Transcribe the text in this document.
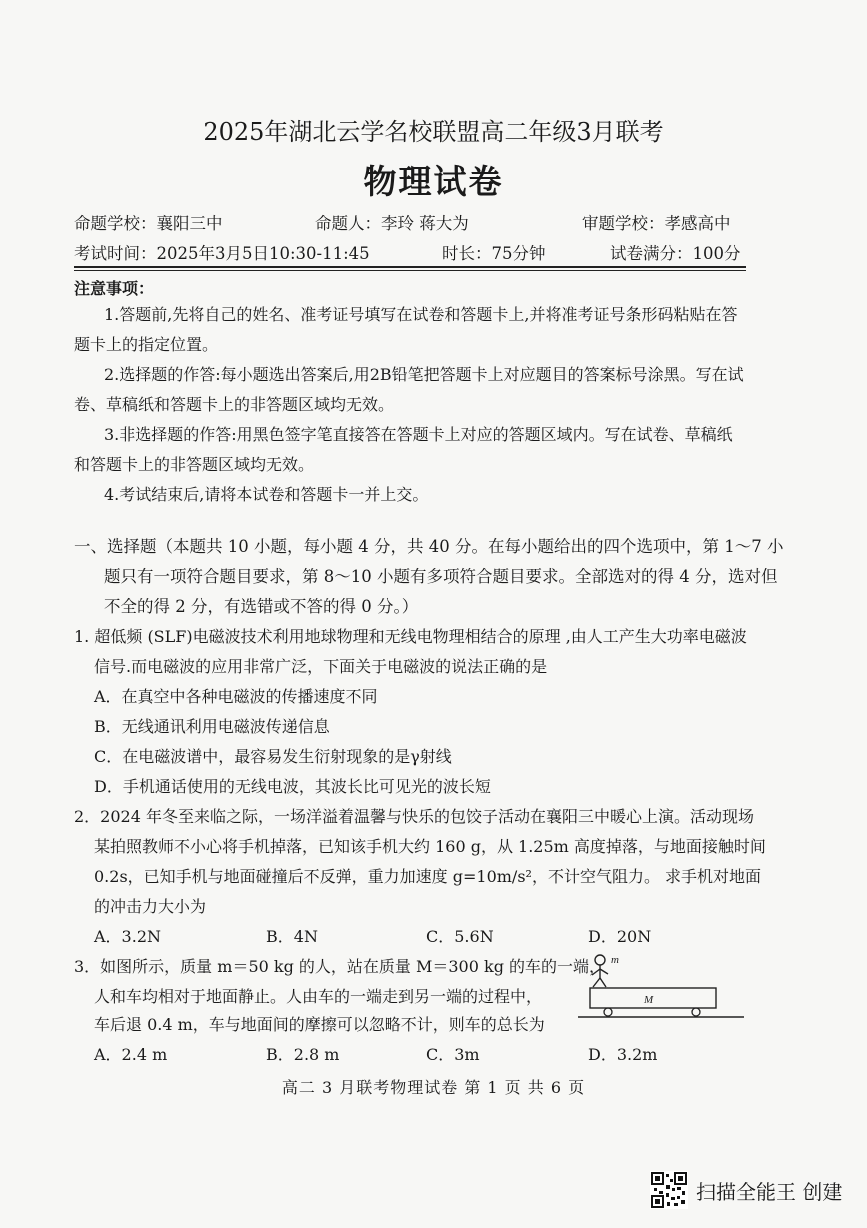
2025年湖北云学名校联盟高二年级3月联考
物理试卷
命题学校：襄阳三中	命题人：李玲 蒋大为	审题学校：孝感高中
考试时间：2025年3月5日10:30-11:45	时长：75分钟	试卷满分：100分
注意事项：
1.答题前,先将自己的姓名、准考证号填写在试卷和答题卡上,并将准考证号条形码粘贴在答
题卡上的指定位置。
2.选择题的作答:每小题选出答案后,用2B铅笔把答题卡上对应题目的答案标号涂黑。写在试
卷、草稿纸和答题卡上的非答题区域均无效。
3.非选择题的作答:用黑色签字笔直接答在答题卡上对应的答题区域内。写在试卷、草稿纸
和答题卡上的非答题区域均无效。
4.考试结束后,请将本试卷和答题卡一并上交。
一、选择题（本题共 10 小题，每小题 4 分，共 40 分。在每小题给出的四个选项中，第 1～7 小
题只有一项符合题目要求，第 8～10 小题有多项符合题目要求。全部选对的得 4 分，选对但
不全的得 2 分，有选错或不答的得 0 分。）
1. 超低频 (SLF)电磁波技术利用地球物理和无线电物理相结合的原理 ,由人工产生大功率电磁波
信号.而电磁波的应用非常广泛，下面关于电磁波的说法正确的是
A．在真空中各种电磁波的传播速度不同
B．无线通讯利用电磁波传递信息
C．在电磁波谱中，最容易发生衍射现象的是γ射线
D．手机通话使用的无线电波，其波长比可见光的波长短
2．2024 年冬至来临之际，一场洋溢着温馨与快乐的包饺子活动在襄阳三中暖心上演。活动现场
某拍照教师不小心将手机掉落，已知该手机大约 160 g，从 1.25m 高度掉落，与地面接触时间
0.2s，已知手机与地面碰撞后不反弹，重力加速度 g=10m/s²，不计空气阻力。 求手机对地面
的冲击力大小为
A．3.2N	B．4N	C．5.6N	D．20N
3．如图所示，质量 m＝50 kg 的人，站在质量 M＝300 kg 的车的一端，
人和车均相对于地面静止。人由车的一端走到另一端的过程中，
车后退 0.4 m，车与地面间的摩擦可以忽略不计，则车的总长为
A．2.4 m	B．2.8 m	C．3m	D．3.2m
m
M
高二 3 月联考物理试卷 第 1 页 共 6 页
扫描全能王 创建
